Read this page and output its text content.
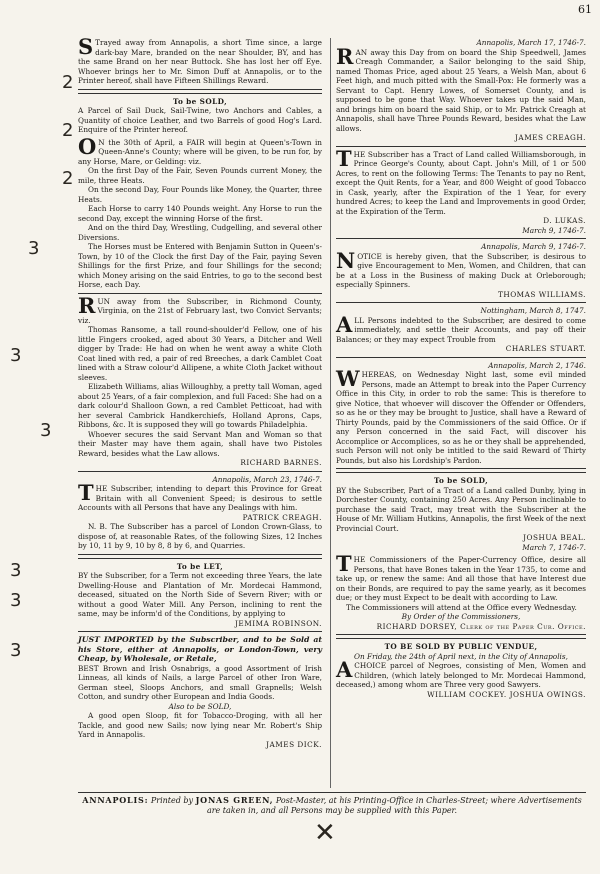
61

S Trayed away from Annapolis, a short Time since, a large dark-bay Mare, branded on the near Shoulder, BY, and has the same Brand on her near Buttock. She has lost her off Eye. Whoever brings her to Mr. Simon Duff at Annapolis, or to the Printer hereof, shall have Fifteen Shillings Reward.

To be SOLD,

A Parcel of Sail Duck, Sail-Twine, two Anchors and Cables, a Quantity of choice Leather, and two Barrels of good Hog's Lard. Enquire of the Printer hereof.

O N the 30th of April, a FAIR will begin at Queen's-Town in Queen-Anne's County; where will be given, to be run for, by any Horse, Mare, or Gelding: viz.

On the first Day of the Fair, Seven Pounds current Money, the mile, three Heats.

On the second Day, Four Pounds like Money, the Quarter, three Heats.

Each Horse to carry 140 Pounds weight. Any Horse to run the second Day, except the winning Horse of the first.

And on the third Day, Wrestling, Cudgelling, and several other Diversions.

The Horses must be Entered with Benjamin Sutton in Queen's-Town, by 10 of the Clock the first Day of the Fair, paying Seven Shillings for the first Prize, and four Shillings for the second; which Money arising on the said Entries, to go to the second best Horse, each Day.

RUN away from the Subscriber, in Richmond County, Virginia, on the 21st of February last, two Convict Servants; viz.

Thomas Ransome, a tall round-shoulder'd Fellow, one of his little Fingers crooked, aged about 30 Years, a Ditcher and Well digger by Trade: He had on when he went away a white Cloth Coat lined with red, a pair of red Breeches, a dark Camblet Coat lined with a Straw colour'd Allipene, a white Cloth Jacket without sleeves.

Elizabeth Williams, alias Willoughby, a pretty tall Woman, aged about 25 Years, of a fair complexion, and full Faced: She had on a dark colour'd Shalloon Gown, a red Camblet Petticoat, had with her several Cambrick Handkerchiefs, Holland Aprons, Caps, Ribbons, &c. It is supposed they will go towards Philadelphia.

Whoever secures the said Servant Man and Woman so that their Master may have them again, shall have two Pistoles Reward, besides what the Law allows.

RICHARD BARNES.
Annapolis, March 23, 1746-7.

THE Subscriber, intending to depart this Province for Great Britain with all Convenient Speed; is desirous to settle Accounts with all Persons that have any Dealings with him.

PATRICK CREAGH.

N. B. The Subscriber has a parcel of London Crown-Glass, to dispose of, at reasonable Rates, of the following Sizes, 12 Inches by 10, 11 by 9, 10 by 8, 8 by 6, and Quarries.

To be LET,

BY the Subscriber, for a Term not exceeding three Years, the late Dwelling-House and Plantation of Mr. Mordecai Hammond, deceased, situated on the North Side of Severn River; with or without a good Water Mill. Any Person, inclining to rent the same, may be inform'd of the Conditions, by applying to

JEMIMA ROBINSON.
JUST IMPORTED by the Subscriber, and to be Sold at his Store, either at Annapolis, or London-Town, very Cheap, by Wholesale, or Retale,

BEST Brown and Irish Osnabrigs, a good Assortment of Irish Linneas, all kinds of Nails, a large Parcel of other Iron Ware, German steel, Sloops Anchors, and small Grapnells; Welsh Cotton, and sundry other European and India Goods.

Also to be SOLD,

A good open Sloop, fit for Tobacco-Droging, with all her Tackle, and good new Sails; now lying near Mr. Robert's Ship Yard in Annapolis.

JAMES DICK.
Annapolis, March 17, 1746-7.

RAN away this Day from on board the Ship Speedwell, James Creagh Commander, a Sailor belonging to the said Ship, named Thomas Price, aged about 25 Years, a Welsh Man, about 6 Feet high, and much pitted with the Small-Pox: He formerly was a Servant to Capt. Henry Lowes, of Somerset County, and is supposed to be gone that Way. Whoever takes up the said Man, and brings him on board the said Ship, or to Mr. Patrick Creagh at Annapolis, shall have Three Pounds Reward, besides what the Law allows.

JAMES CREAGH.

THE Subscriber has a Tract of Land called Williamsborough, in Prince George's County, about Capt. John's Mill, of 1 or 500 Acres, to rent on the following Terms: The Tenants to pay no Rent, except the Quit Rents, for a Year, and 800 Weight of good Tobacco in Cask, yearly, after the Expiration of the 1 Year, for every hundred Acres; to keep the Land and Improvements in good Order, at the Expiration of the Term.

D. LUKAS.
March 9, 1746-7.
Annapolis, March 9, 1746-7.

NOTICE is hereby given, that the Subscriber, is desirous to give Encouragement to Men, Women, and Children, that can be at a Loss in the Business of making Duck at Orleborough; especially Spinners.

THOMAS WILLIAMS.
Nottingham, March 8, 1747.

ALL Persons indebted to the Subscriber, are desired to come immediately, and settle their Accounts, and pay off their Balances; or they may expect Trouble from

CHARLES STUART.
Annapolis, March 2, 1746.

WHEREAS, on Wednesday Night last, some evil minded Persons, made an Attempt to break into the Paper Currency Office in this City, in order to rob the same: This is therefore to give Notice, that whoever will discover the Offender or Offenders, so as he or they may be brought to Justice, shall have a Reward of Thirty Pounds, paid by the Commissioners of the said Office. Or if any Person concerned in the said Fact, will discover his Accomplice or Accomplices, so as he or they shall be apprehended, such Person will not only be intitled to the said Reward of Thirty Pounds, but also his Lordship's Pardon.

To be SOLD,

BY the Subscriber, Part of a Tract of a Land called Dunby, lying in Dorchester County, containing 250 Acres. Any Person inclinable to purchase the said Tract, may treat with the Subscriber at the House of Mr. William Hutkins, Annapolis, the first Week of the next Provincial Court.

JOSHUA BEAL.
March 7, 1746-7.

THE Commissioners of the Paper-Currency Office, desire all Persons, that have Bones taken in the Year 1735, to come and take up, or renew the same: And all those that have Interest due on their Bonds, are required to pay the same yearly, as it becomes due; or they must Expect to be dealt with according to Law.

The Commissioners will attend at the Office every Wednesday.

By Order of the Commissioners,
RICHARD DORSEY, Clerk of the Paper Cur. Office.
TO BE SOLD BY PUBLIC VENDUE,
On Friday, the 24th of April next, in the City of Annapolis,

ACHOICE parcel of Negroes, consisting of Men, Women and Children, (which lately belonged to Mr. Mordecai Hammond, deceased,) among whom are Three very good Sawyers.

WILLIAM COCKEY. JOSHUA OWINGS.
ANNAPOLIS: Printed by JONAS GREEN, Post-Master, at his Printing-Office in Charles-Street; where Advertisements are taken in, and all Persons may be supplied with this Paper.
2
2
2
3
3
3
3
3
3
✕
